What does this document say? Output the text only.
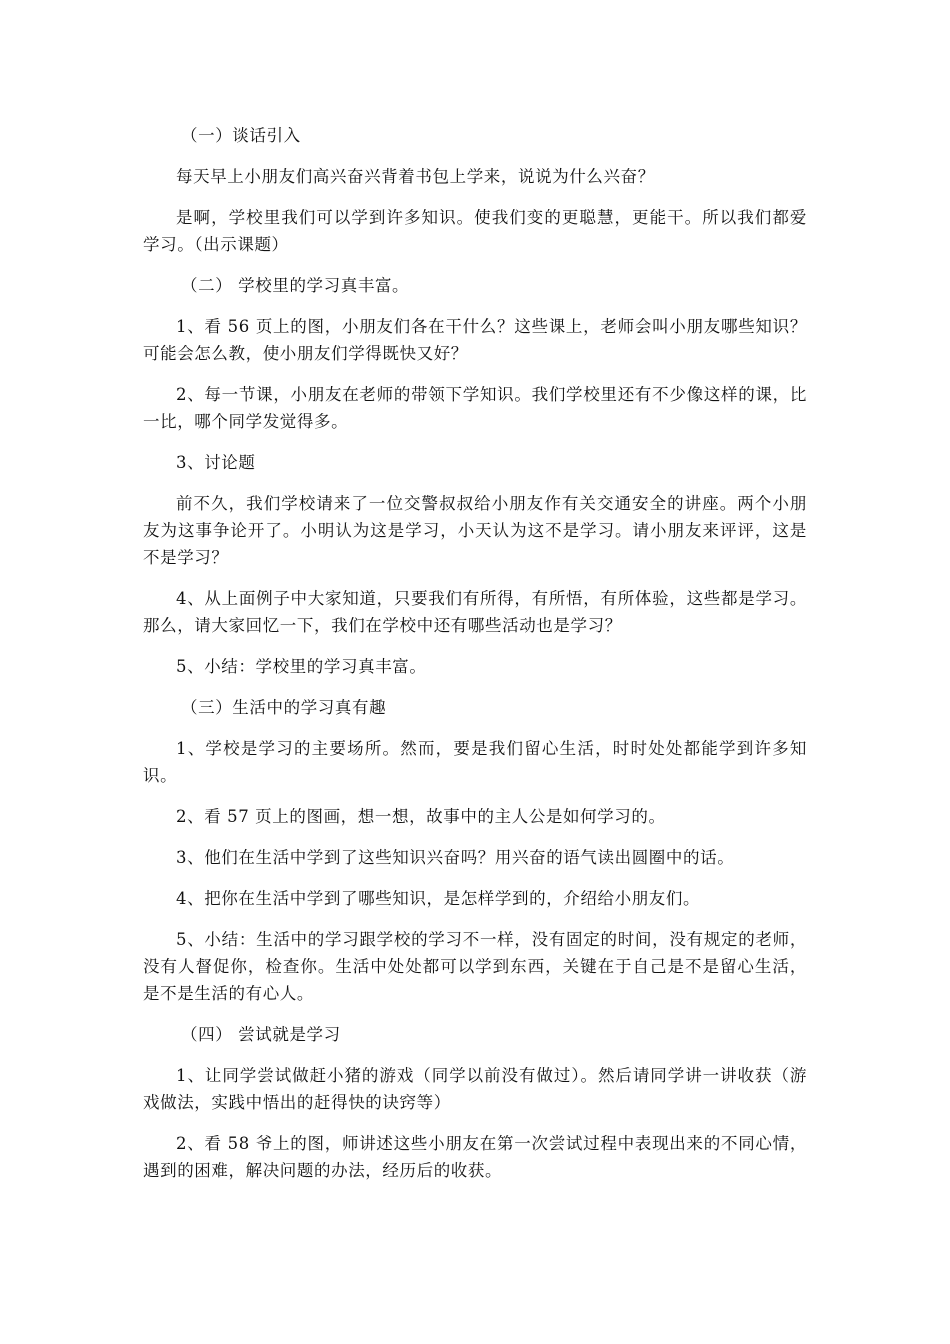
（一）谈话引入

每天早上小朋友们高兴奋兴背着书包上学来，说说为什么兴奋？

是啊，学校里我们可以学到许多知识。使我们变的更聪慧，更能干。所以我们都爱学习。（出示课题）

（二） 学校里的学习真丰富。

1、看 56 页上的图，小朋友们各在干什么？这些课上，老师会叫小朋友哪些知识？可能会怎么教，使小朋友们学得既快又好？

2、每一节课，小朋友在老师的带领下学知识。我们学校里还有不少像这样的课，比一比，哪个同学发觉得多。

3、讨论题

前不久，我们学校请来了一位交警叔叔给小朋友作有关交通安全的讲座。两个小朋友为这事争论开了。小明认为这是学习，小天认为这不是学习。请小朋友来评评，这是不是学习？

4、从上面例子中大家知道，只要我们有所得，有所悟，有所体验，这些都是学习。那么，请大家回忆一下，我们在学校中还有哪些活动也是学习？

5、小结：学校里的学习真丰富。

（三）生活中的学习真有趣

1、学校是学习的主要场所。然而，要是我们留心生活，时时处处都能学到许多知识。

2、看 57 页上的图画，想一想，故事中的主人公是如何学习的。

3、他们在生活中学到了这些知识兴奋吗？用兴奋的语气读出圆圈中的话。

4、把你在生活中学到了哪些知识，是怎样学到的，介绍给小朋友们。

5、小结：生活中的学习跟学校的学习不一样，没有固定的时间，没有规定的老师，没有人督促你，检查你。生活中处处都可以学到东西，关键在于自己是不是留心生活，是不是生活的有心人。

（四） 尝试就是学习

1、让同学尝试做赶小猪的游戏（同学以前没有做过）。然后请同学讲一讲收获（游戏做法，实践中悟出的赶得快的诀窍等）

2、看 58 爷上的图，师讲述这些小朋友在第一次尝试过程中表现出来的不同心情，遇到的困难，解决问题的办法，经历后的收获。
